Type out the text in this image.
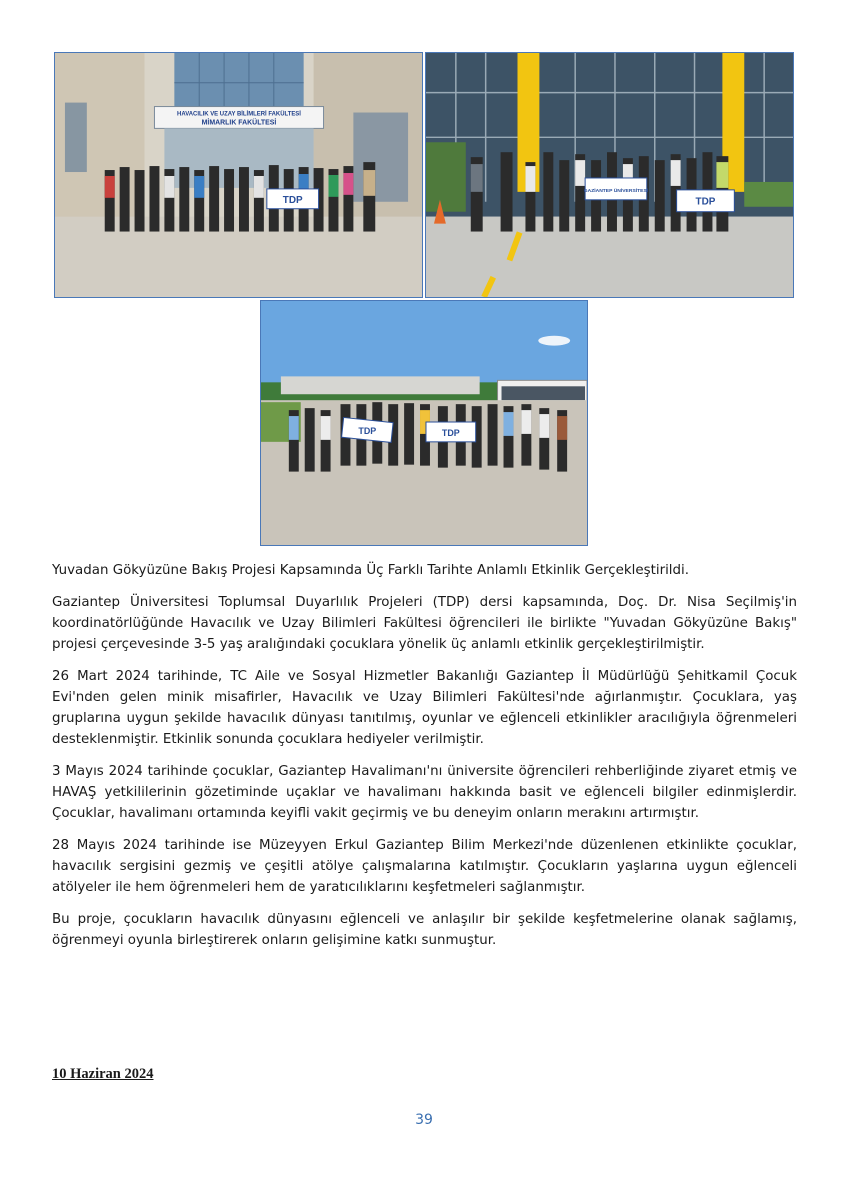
HAVACILIK VE UZAY BİLİMLERİ FAKÜLTESİ
MİMARLIK FAKÜLTESİ
TDP
GAZİANTEP ÜNİVERSİTESİ
TDP
TDP	TDP

Yuvadan Gökyüzüne Bakış Projesi Kapsamında Üç Farklı Tarihte Anlamlı Etkinlik Gerçekleştirildi.

Gaziantep Üniversitesi Toplumsal Duyarlılık Projeleri (TDP) dersi kapsamında, Doç. Dr. Nisa Seçilmiş'in koordinatörlüğünde Havacılık ve Uzay Bilimleri Fakültesi öğrencileri ile birlikte "Yuvadan Gökyüzüne Bakış" projesi çerçevesinde 3-5 yaş aralığındaki çocuklara yönelik üç anlamlı etkinlik gerçekleştirilmiştir.

26 Mart 2024 tarihinde, TC Aile ve Sosyal Hizmetler Bakanlığı Gaziantep İl Müdürlüğü Şehitkamil Çocuk Evi'nden gelen minik misafirler, Havacılık ve Uzay Bilimleri Fakültesi'nde ağırlanmıştır. Çocuklara, yaş gruplarına uygun şekilde havacılık dünyası tanıtılmış, oyunlar ve eğlenceli etkinlikler aracılığıyla öğrenmeleri desteklenmiştir. Etkinlik sonunda çocuklara hediyeler verilmiştir.

3 Mayıs 2024 tarihinde çocuklar, Gaziantep Havalimanı'nı üniversite öğrencileri rehberliğinde ziyaret etmiş ve HAVAŞ yetkililerinin gözetiminde uçaklar ve havalimanı hakkında basit ve eğlenceli bilgiler edinmişlerdir. Çocuklar, havalimanı ortamında keyifli vakit geçirmiş ve bu deneyim onların merakını artırmıştır.

28 Mayıs 2024 tarihinde ise Müzeyyen Erkul Gaziantep Bilim Merkezi'nde düzenlenen etkinlikte çocuklar, havacılık sergisini gezmiş ve çeşitli atölye çalışmalarına katılmıştır. Çocukların yaşlarına uygun eğlenceli atölyeler ile hem öğrenmeleri hem de yaratıcılıklarını keşfetmeleri sağlanmıştır.

Bu proje, çocukların havacılık dünyasını eğlenceli ve anlaşılır bir şekilde keşfetmelerine olanak sağlamış, öğrenmeyi oyunla birleştirerek onların gelişimine katkı sunmuştur.

10 Haziran 2024
39
